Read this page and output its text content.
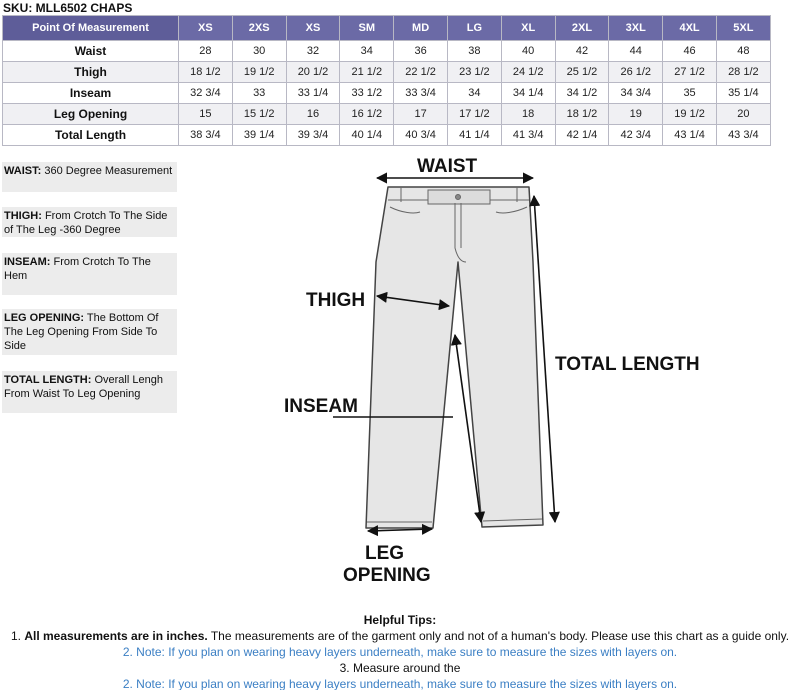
SKU: MLL6502 CHAPS
Point Of Measurement	XS	2XS	XS	SM	MD	LG	XL	2XL	3XL	4XL	5XL
Waist	28	30	32	34	36	38	40	42	44	46	48
Thigh	18 1/2	19 1/2	20 1/2	21 1/2	22 1/2	23 1/2	24 1/2	25 1/2	26 1/2	27 1/2	28 1/2
Inseam	32 3/4	33	33 1/4	33 1/2	33 3/4	34	34 1/4	34 1/2	34 3/4	35	35 1/4
Leg Opening	15	15 1/2	16	16 1/2	17	17 1/2	18	18 1/2	19	19 1/2	20
Total Length	38 3/4	39 1/4	39 3/4	40 1/4	40 3/4	41 1/4	41 3/4	42 1/4	42 3/4	43 1/4	43 3/4
WAIST: 360 Degree Measurement
THIGH: From Crotch To The Side of The Leg -360 Degree
INSEAM: From Crotch To The Hem
LEG OPENING: The Bottom Of The Leg Opening From Side To Side
TOTAL LENGTH: Overall Lengh From Waist To Leg Opening
WAIST
THIGH
INSEAM
TOTAL LENGTH
LEG
OPENING
Helpful Tips:
1. All measurements are in inches. The measurements are of the garment only and not of a human's body. Please use this chart as a guide only.
2. Note: If you plan on wearing heavy layers underneath, make sure to measure the sizes with layers on.
3. Measure around the
2. Note: If you plan on wearing heavy layers underneath, make sure to measure the sizes with layers on.
